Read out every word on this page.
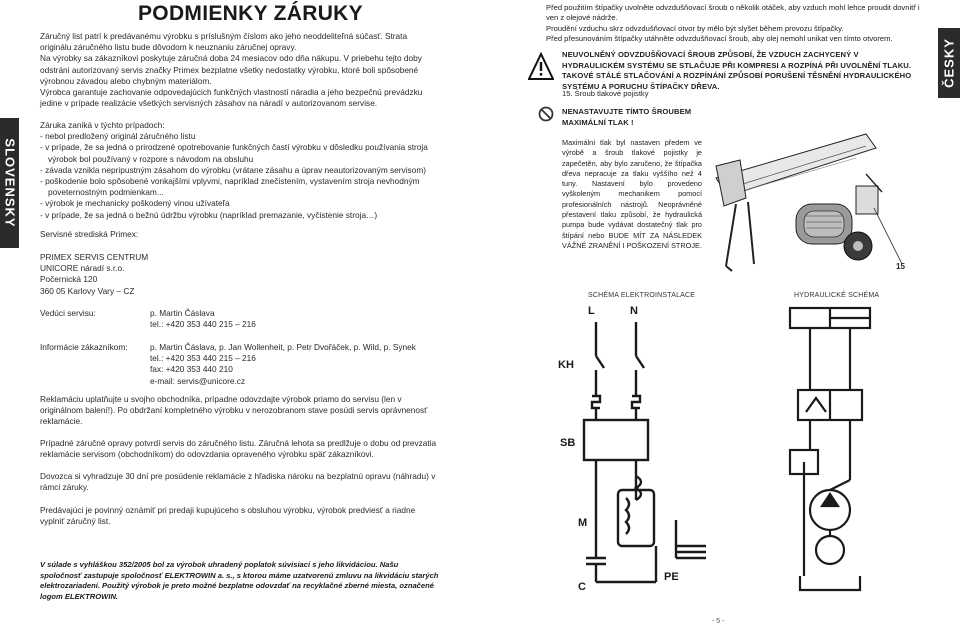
SLOVENSKY
ČESKY
PODMIENKY ZÁRUKY
Záručný list patrí k predávanému výrobku s príslušným číslom ako jeho neoddeliteľná súčasť. Strata originálu záručného listu bude dôvodom k neuznaniu záručnej opravy.
Na výrobky sa zákazníkovi poskytuje záručná doba 24 mesiacov odo dňa nákupu. V priebehu tejto doby odstráni autorizovaný servis značky Primex bezplatne všetky nedostatky výrobku, ktoré boli spôsobené výrobnou závadou alebo chybným materiálom.
Výrobca garantuje zachovanie odpovedajúcich funkčných vlastností náradia a jeho bezpečnú prevádzku jedine v prípade realizácie všetkých servisných zásahov na náradí v autorizovanom servise.
Záruka zaniká v týchto prípadoch:
- nebol predložený originál záručného listu
- v prípade, že sa jedná o prirodzené opotrebovanie funkčných častí výrobku v dôsledku používania stroja
výrobok bol používaný v rozpore s návodom na obsluhu
- závada vznikla nepripustným zásahom do výrobku (vrátane zásahu a úprav neautorizovaným servisom)
- poškodenie bolo spôsobené vonkajšími vplyvmi, napríklad znečistením, vystavením stroja nevhodným
poveternostným podmienkam...
- výrobok je mechanicky poškodený vinou užívateľa
- v prípade, že sa jedná o bežnú údržbu výrobku (napríklad premazanie, vyčistenie stroja…)
Servisné strediská Primex:
PRIMEX SERVIS CENTRUM
UNICORE náradí s.r.o.
Počernická 120
360 05 Karlovy Vary – CZ
Vedúci servisu:	p. Martin Čáslava
tel.: +420 353 440 215 – 216
Informácie zákazníkom:	p. Martin Čáslava, p. Jan Wollenheit, p. Petr Dvořáček, p. Wild, p. Synek
tel.: +420 353 440 215 – 216
fax: +420 353 440 210
e-mail: servis@unicore.cz
Reklamáciu uplatňujte u svojho obchodníka, prípadne odovzdajte výrobok priamo do servisu (len v originálnom balení!). Po obdržaní kompletného výrobku v nerozobranom stave posúdi servis oprávnenosť reklamácie.
Prípadné záručné opravy potvrdí servis do záručného listu. Záručná lehota sa predlžuje o dobu od prevzatia reklamácie servisom (obchodníkom) do odovzdania opraveného výrobku späť zákazníkovi.
Dovozca si vyhradzuje 30 dní pre posúdenie reklamácie z hľadiska nároku na bezplatnú opravu (náhradu) v rámci záruky.
Predávajúci je povinný oznámiť pri predaji kupujúceho s obsluhou výrobku, výrobok predviesť a riadne vyplniť záručný list.
V súlade s vyhláškou 352/2005 bol za výrobok uhradený poplatok súvisiaci s jeho likvidáciou. Našu spoločnosť zastupuje spoločnosť ELEKTROWIN a. s., s ktorou máme uzatvorenú zmluvu na likvidáciu starých elektrozariadení. Použitý výrobok je preto možné bezplatne odovzdať na recyklačné zberné miesta, označené logom ELEKTROWIN.
Před použitím štípačky uvolněte odvzdušňovací šroub o několik otáček, aby vzduch mohl lehce proudit dovnitř i ven z olejové nádrže.
Proudění vzduchu skrz odvzdušňovací otvor by mělo být slyšet během provozu štípačky.
Před přesunováním štípačky utáhněte odvzdušňovací šroub, aby olej nemohl unikat ven tímto otvorem.
NEUVOLNĚNÝ ODVZDUŠŇOVACÍ ŠROUB ZPŮSOBÍ, ŽE VZDUCH ZACHYCENÝ V HYDRAULICKÉM SYSTÉMU SE STLAČUJE PŘI KOMPRESI A ROZPÍNÁ PŘI UVOLNĚNÍ TLAKU. TAKOVÉ STÁLÉ STLAČOVÁNÍ A ROZPÍNÁNÍ ZPŮSOBÍ PORUŠENÍ TĚSNĚNÍ HYDRAULICKÉHO SYSTÉMU A PORUCHU ŠTÍPAČKY DŘEVA.
15. Šroub tlakové pojistky
NENASTAVUJTE TÍMTO ŠROUBEM MAXIMÁLNÍ TLAK !
Maximální tlak byl nastaven předem ve výrobě a šroub tlakové pojistky je zapečetěn, aby bylo zaručeno, že štípačka dřeva nepracuje za tlaku vyššího než 4 tuny. Nastavení bylo provedeno vyškoleným mechanikem pomocí profesionálních nástrojů. Neoprávněné přestavení tlaku způsobí, že hydraulická pumpa bude vydávat dostatečný tlak pro štípání nebo BUDE MÍT ZA NÁSLEDEK VÁŽNÉ ZRANĚNÍ I POŠKOZENÍ STROJE.
15
SCHÉMA ELEKTROINSTALACE	HYDRAULICKÉ SCHÉMA
L	N
KH
SB
M
C
PE
- 5 -
